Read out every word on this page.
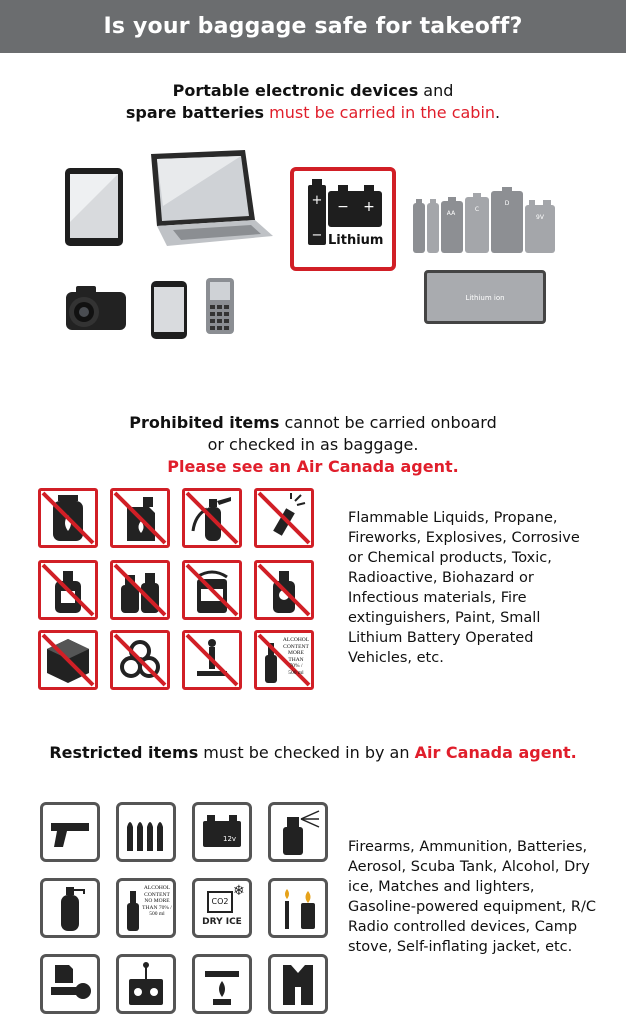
Is your baggage safe for takeoff?
Portable electronic devices and
spare batteries must be carried in the cabin.
+
−
+
− Lithium
AA
C
D
9V
Lithium ion
Prohibited items cannot be carried onboard
or checked in as baggage.
Please see an Air Canada agent.
ALCOHOL
CONTENT
MORE THAN
70% /
500 ml
Flammable Liquids, Propane, Fireworks, Explosives, Corrosive or Chemical products, Toxic, Radioactive, Biohazard or Infectious materials, Fire extinguishers, Paint, Small Lithium Battery Operated Vehicles, etc.
Restricted items must be checked in by an Air Canada agent.
12v
ALCOHOL
CONTENT
NO MORE
THAN 70% /
500 ml
CO2
❄
DRY ICE
Firearms, Ammunition, Batteries, Aerosol, Scuba Tank, Alcohol, Dry ice, Matches and lighters, Gasoline-powered equipment, R/C Radio controlled devices, Camp stove, Self-inflating jacket, etc.
